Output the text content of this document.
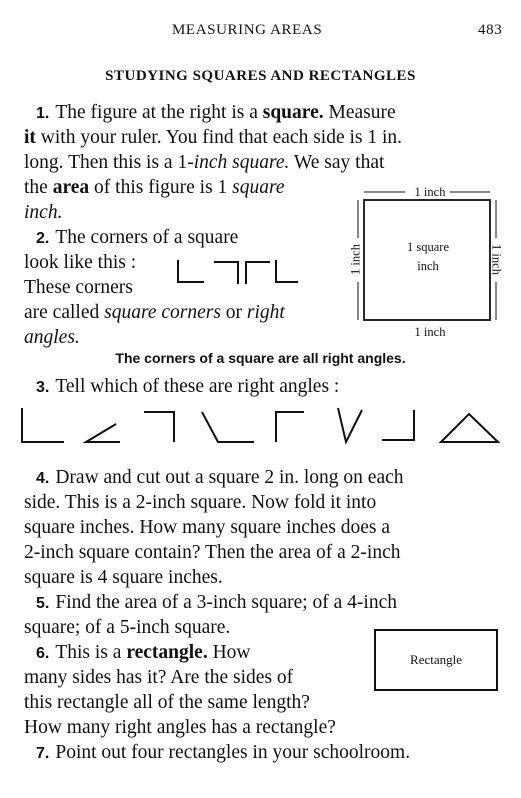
MEASURING AREAS	483
STUDYING SQUARES AND RECTANGLES
1. The figure at the right is a square. Measure
it with your ruler. You find that each side is 1 in.
long. Then this is a 1-inch square. We say that
the area of this figure is 1 square
inch.
2. The corners of a square
look like this :
These corners
are called square corners or right
angles.
1 inch
1 inch
1 inch	1 inch
1 square
inch
The corners of a square are all right angles.
3. Tell which of these are right angles :
4. Draw and cut out a square 2 in. long on each
side. This is a 2-inch square. Now fold it into
square inches. How many square inches does a
2-inch square contain? Then the area of a 2-inch
square is 4 square inches.
5. Find the area of a 3-inch square; of a 4-inch
square; of a 5-inch square.
6. This is a rectangle. How
many sides has it? Are the sides of
this rectangle all of the same length?
How many right angles has a rectangle?
Rectangle
7. Point out four rectangles in your schoolroom.
